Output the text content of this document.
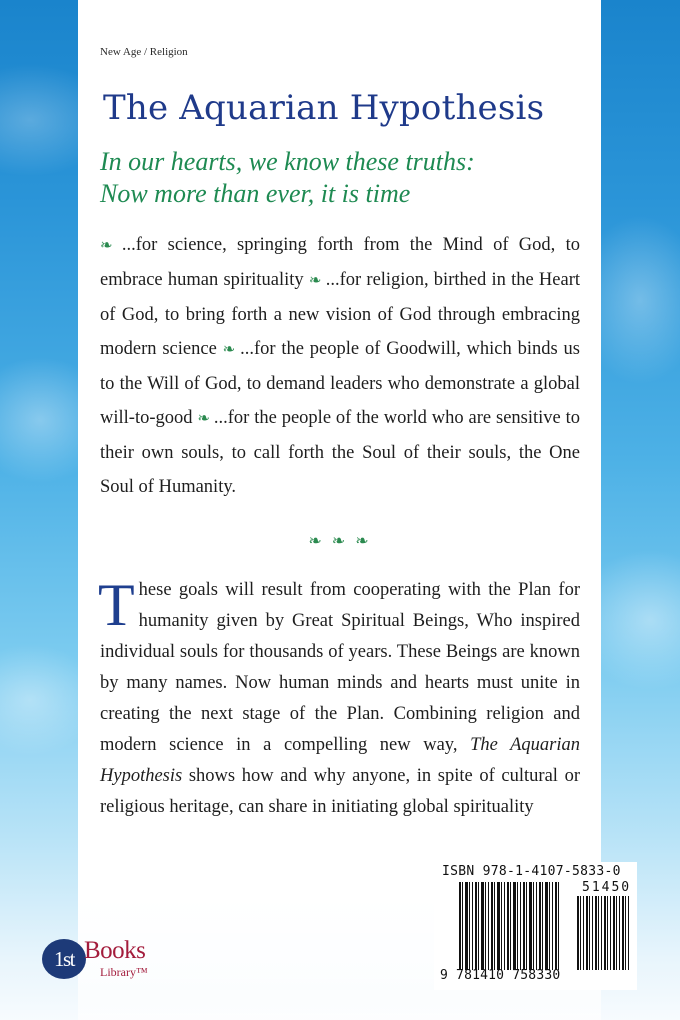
New Age / Religion
The Aquarian Hypothesis
In our hearts, we know these truths:
Now more than ever, it is time

❧ ...for science, springing forth from the Mind of God, to embrace human spirituality ❧ ...for religion, birthed in the Heart of God, to bring forth a new vision of God through embracing modern science ❧ ...for the people of Goodwill, which binds us to the Will of God, to demand leaders who demonstrate a global will-to-good ❧ ...for the people of the world who are sensitive to their own souls, to call forth the Soul of their souls, the One Soul of Humanity.

❧ ❧ ❧

These goals will result from cooperating with the Plan for humanity given by Great Spiritual Beings, Who inspired individual souls for thousands of years. These Beings are known by many names. Now human minds and hearts must unite in creating the next stage of the Plan. Combining religion and modern science in a compelling new way, The Aquarian Hypothesis shows how and why anyone, in spite of cultural or religious heritage, can share in initiating global spirituality

1st Books
Library™
ISBN 978-1-4107-5833-0
51450
9 781410 758330
